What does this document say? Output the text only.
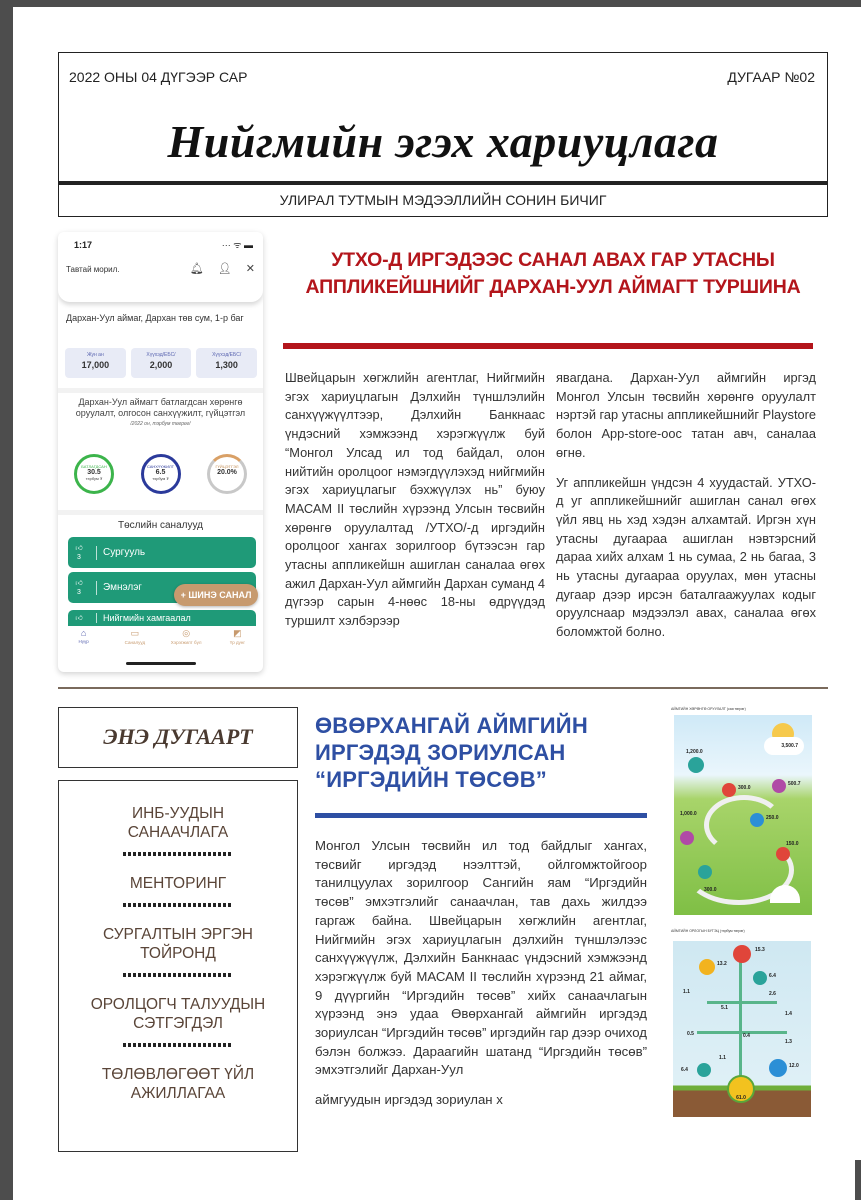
2022 ОНЫ 04 ДҮГЭЭР САР	ДУГААР №02
Нийгмийн эгэх хариуцлага
УЛИРАЛ ТУТМЫН МЭДЭЭЛЛИЙН СОНИН БИЧИГ
1:17	··· ᯤ ▬
Тавтай морил.	🔔︎ 👤︎ ✕
Дархан-Уул аймаг, Дархан төв сум, 1-р баг
Жун ан
17,000
Хүүхэд/ЕБС/
2,000
Хүүхэд/ЕБС/
1,300
Дархан-Уул аймагт батлагдсан хөрөнгө оруулалт, олгосон санхүүжилт, гүйцэтгэл
/2022 он, тэрбум төгрөг/
БАТЛАГДСАН
30.5
тэрбум ₮
САНХҮҮЖИЛТ
6.5
тэрбум ₮
ГҮЙЦЭТГЭЛ
20.0%
Төслийн саналууд
👍︎
3	Сургууль
👍︎
3	Эмнэлэг
👍︎	Нийгмийн хамгаалал
+ ШИНЭ САНАЛ
⌂
Нүүр
▭
Саналууд
◎
Хэрэгжилт бүл
◩
Үр дүнг
УТХО-Д ИРГЭДЭЭС САНАЛ АВАХ ГАР УТАСНЫ АППЛИКЕЙШНИЙГ ДАРХАН-УУЛ АЙМАГТ ТУРШИНА

Швейцарын хөгжлийн агентлаг, Нийгмийн эгэх хариуцлагын Дэлхийн түншлэлийн санхүүжүүлтээр, Дэлхийн Банкнаас үндэсний хэмжээнд хэрэгжүүлж буй “Монгол Улсад ил тод байдал, олон нийтийн оролцоог нэмэгдүүлэхэд нийгмийн эгэх хариуцлагыг бэхжүүлэх нь” буюу МАСАМ II төслийн хүрээнд Улсын төсвийн хөрөнгө оруулалтад /УТХО/-д иргэдийн оролцоог хангах зорилгоор бүтээсэн гар утасны аппликейшн ашиглан саналаа өгөх ажил Дархан-Уул аймгийн Дархан суманд 4 дүгээр сарын 4-нөөс 18-ны өдрүүдэд туршилт хэлбэрээр

явагдана. Дархан-Уул аймгийн иргэд Монгол Улсын төсвийн хөрөнгө оруулалт нэртэй гар утасны аппликейшнийг Playstore болон App-store-оос татан авч, саналаа өгнө.

Уг аппликейшн үндсэн 4 хуудастай. УТХО-д уг аппликейшнийг ашиглан санал өгөх үйл явц нь хэд хэдэн алхамтай. Иргэн хүн утасны дугаараа ашиглан нэвтэрсний дараа хийх алхам 1 нь сумаа, 2 нь багаа, 3 нь утасны дугаараа оруулах, мөн утасны дугаар дээр ирсэн баталгаажуулах кодыг оруулснаар мэдээлэл авах, саналаа өгөх боломжтой болно.

ЭНЭ ДУГААРТ
ИНБ-УУДЫН САНААЧЛАГА
МЕНТОРИНГ
СУРГАЛТЫН ЭРГЭН ТОЙРОНД
ОРОЛЦОГЧ ТАЛУУДЫН СЭТГЭГДЭЛ
ТӨЛӨВЛӨГӨӨТ ҮЙЛ АЖИЛЛАГАА
ӨВӨРХАНГАЙ АЙМГИЙН ИРГЭДЭД ЗОРИУЛСАН “ИРГЭДИЙН ТӨСӨВ”

Монгол Улсын төсвийн ил тод байдлыг хангах, төсвийг иргэдэд нээлттэй, ойлгомжтойгоор танилцуулах зорилгоор Сангийн яам “Иргэдийн төсөв” эмхэтгэлийг санаачлан, тав дахь жилдээ гаргаж байна. Швейцарын хөгжлийн агентлаг, Нийгмийн эгэх хариуцлагын дэлхийн түншлэлээс санхүүжүүлж, Дэлхийн Банкнаас үндэсний хэмжээнд хэрэгжүүлж буй МАСАМ II төслийн хүрээнд 21 аймаг, 9 дүүргийн “Иргэдийн төсөв” хийх санаачлагын хүрээнд энэ удаа Өвөрхангай аймгийн иргэдэд зориулсан “Иргэдийн төсөв” иргэдийн гар дээр очиход бэлэн болжээ. Дараагийн шатанд “Иргэдийн төсөв” эмхэтгэлийг Дархан-Уул

аймгуудын иргэдэд зориулан х

АЙМГИЙН ХӨРӨНГӨ ОРУУЛАЛТ (сая төгрөг)
3,500.7
1,200.0
300.0
500.7
1,000.0
250.0
150.0
300.0
АЙМГИЙН ОРЛОГЫН БҮТЭЦ (тэрбум төгрөг)
15.3
13.2
6.4
2.6
1.1
5.1
1.4
0.5	0.4
1.3
1.1
6.4
12.0
61.0
